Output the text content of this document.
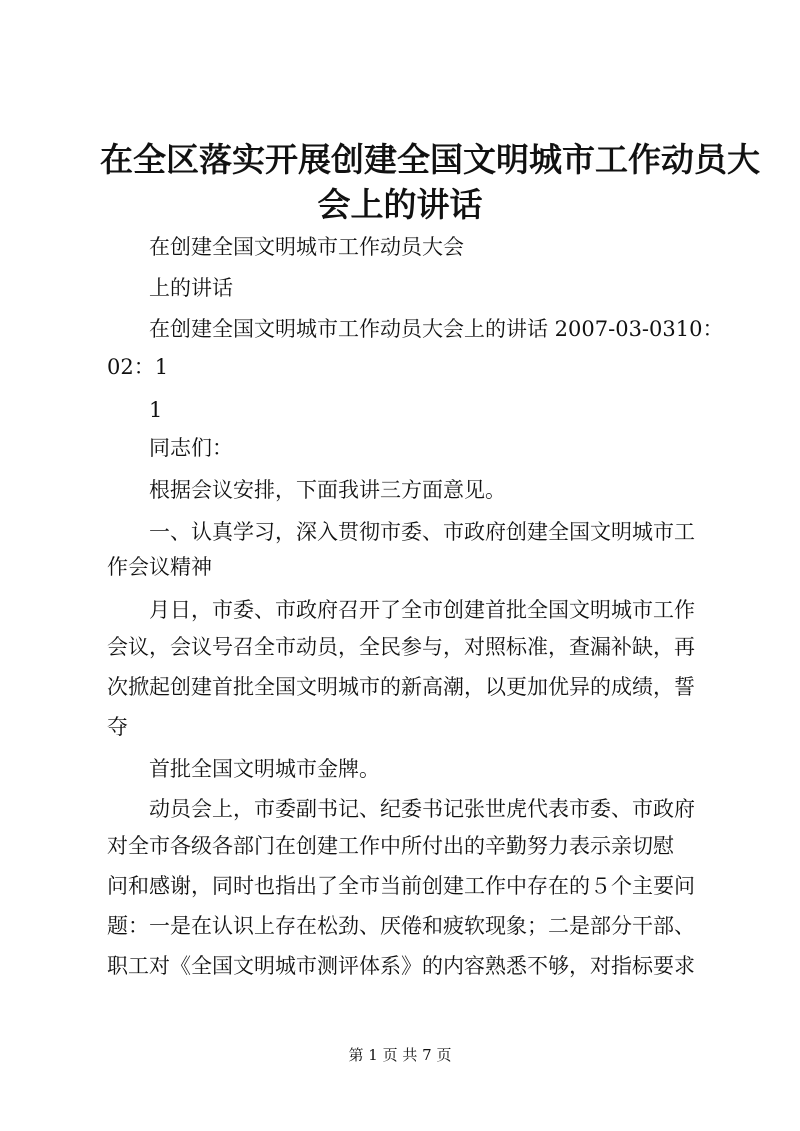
在全区落实开展创建全国文明城市工作动员大
会上的讲话
在创建全国文明城市工作动员大会
上的讲话
在创建全国文明城市工作动员大会上的讲话 2007-03-0310：
02：1
1
同志们：
根据会议安排，下面我讲三方面意见。
一、认真学习，深入贯彻市委、市政府创建全国文明城市工
作会议精神
月日，市委、市政府召开了全市创建首批全国文明城市工作
会议，会议号召全市动员，全民参与，对照标准，查漏补缺，再
次掀起创建首批全国文明城市的新高潮，以更加优异的成绩，誓
夺
首批全国文明城市金牌。
动员会上，市委副书记、纪委书记张世虎代表市委、市政府
对全市各级各部门在创建工作中所付出的辛勤努力表示亲切慰
问和感谢，同时也指出了全市当前创建工作中存在的５个主要问
题：一是在认识上存在松劲、厌倦和疲软现象；二是部分干部、
职工对《全国文明城市测评体系》的内容熟悉不够，对指标要求
第 1 页 共 7 页
